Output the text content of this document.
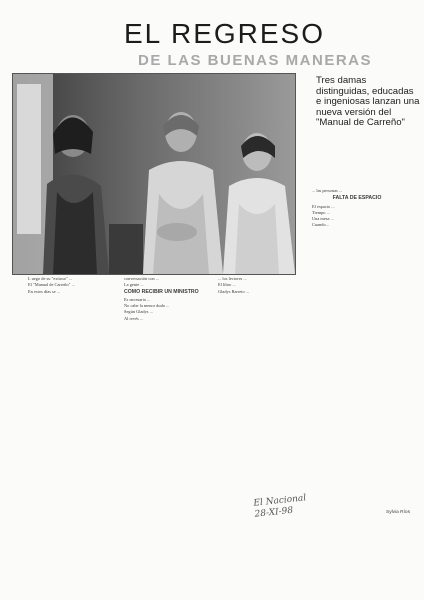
EL REGRESO
DE LAS BUENAS MANERAS
Tres damas distinguidas, educadas e ingeniosas lanzan una nueva versión del "Manual de Carreño"

L uego de su "exitoso" ...

El "Manual de Carreño" ...

En estos días se ...

conversación con ...

La gente ...

COMO RECIBIR UN MINISTRO

Es necesario ...

No cabe la menor duda ...

Según Gladys ...

Al revés ...

... los lectores ...

El libro ...

Gladys Barreto ...

... las personas ...

FALTA DE ESPACIO

El espacio ...

Tiempo ...

Una mesa ...

Cuando...

El Nacional
28-XI-98	Sylvia Ríos
